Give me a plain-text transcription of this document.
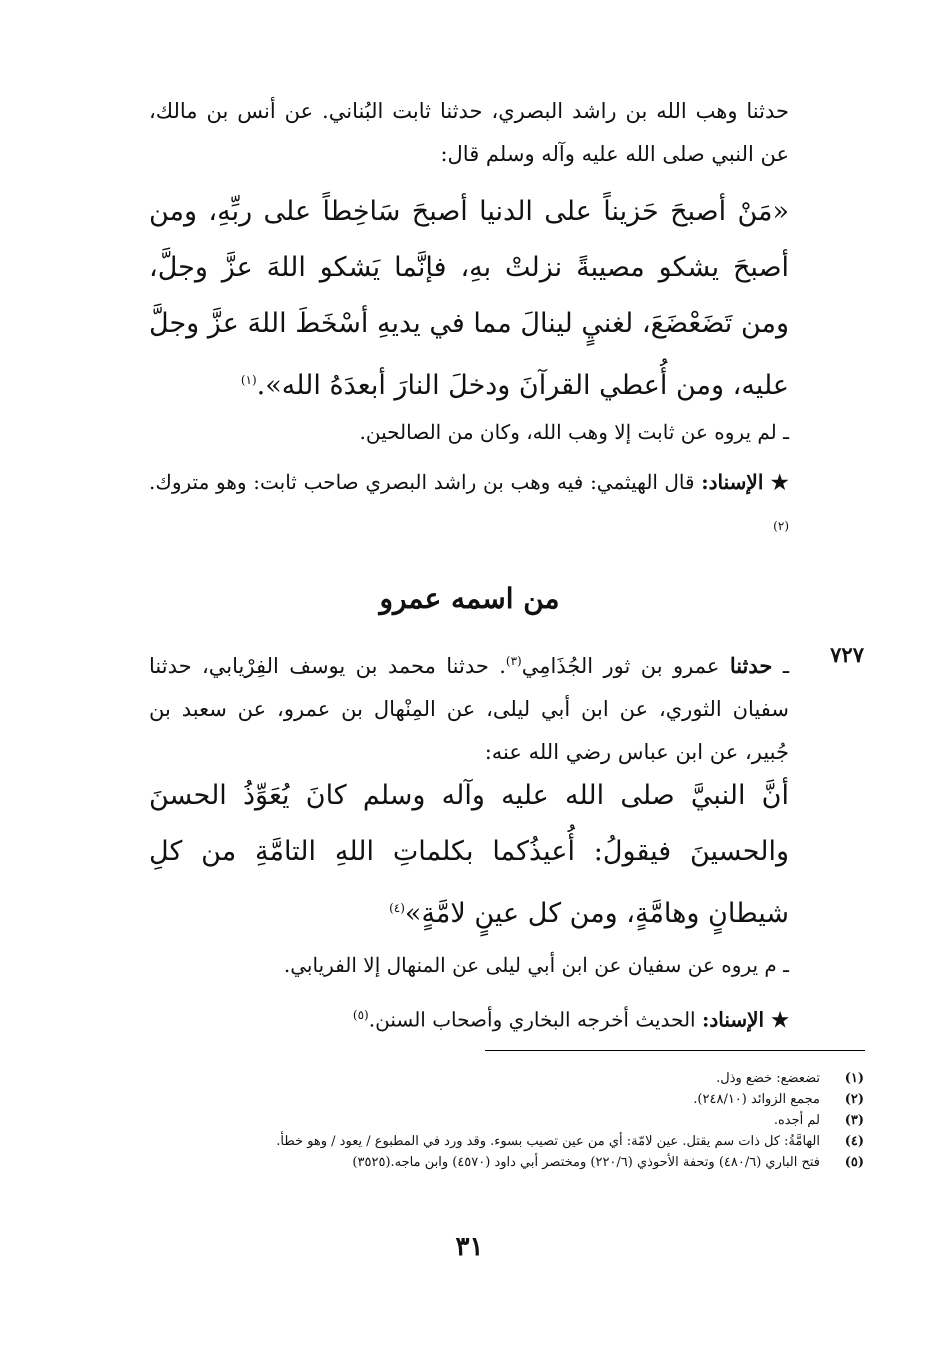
حدثنا وهب الله بن راشد البصري، حدثنا ثابت البُناني. عن أنس بن مالك، عن النبي صلى الله عليه وآله وسلم قال:
«مَنْ أصبحَ حَزيناً على الدنيا أصبحَ سَاخِطاً على ربِّهِ، ومن أصبحَ يشكو مصيبةً نزلتْ بهِ، فإنَّما يَشكو اللهَ عزَّ وجلَّ، ومن تَضَعْضَعَ، لغنيٍ لينالَ مما في يديهِ أسْخَطَ اللهَ عزَّ وجلَّ عليه، ومن أُعطي القرآنَ ودخلَ النارَ أبعدَهُ الله».$^{(١)}$
ـ لم يروه عن ثابت إلا وهب الله، وكان من الصالحين.
★ الإسناد: قال الهيثمي: فيه وهب بن راشد البصري صاحب ثابت: وهو متروك.$^{(٢)}$
من اسمه عمرو
٧٢٧
ـ حدثنا عمرو بن ثور الجُذَامِي$^{(٣)}$. حدثنا محمد بن يوسف الفِرْيابي، حدثنا سفيان الثوري، عن ابن أبي ليلى، عن المِنْهال بن عمرو، عن سعبد بن جُبير، عن ابن عباس رضي الله عنه:
أنَّ النبيَّ صلى الله عليه وآله وسلم كانَ يُعَوِّذُ الحسنَ والحسينَ فيقولُ: أُعيذُكما بكلماتِ اللهِ التامَّةِ من كلِ شيطانٍ وهامَّةٍ، ومن كل عينٍ لامَّةٍ»$^{(٤)}$
ـ م يروه عن سفيان عن ابن أبي ليلى عن المنهال إلا الفريابي.
★ الإسناد: الحديث أخرجه البخاري وأصحاب السنن.$^{(٥)}$
(١)
تضعضع: خضع وذل.
(٢)
مجمع الزوائد (٢٤٨/١٠).
(٣)
لم أجده.
(٤)
الهامَّةُ: كل ذات سم يقتل. عين لامّة: أي من عين تصيب بسوء. وقد ورد في المطبوع / يعود / وهو خطأ.
(٥)
فتح الباري (٤٨٠/٦) وتحفة الأحوذي (٢٢٠/٦) ومختصر أبي داود (٤٥٧٠) وابن ماجه.(٣٥٢٥)
٣١
